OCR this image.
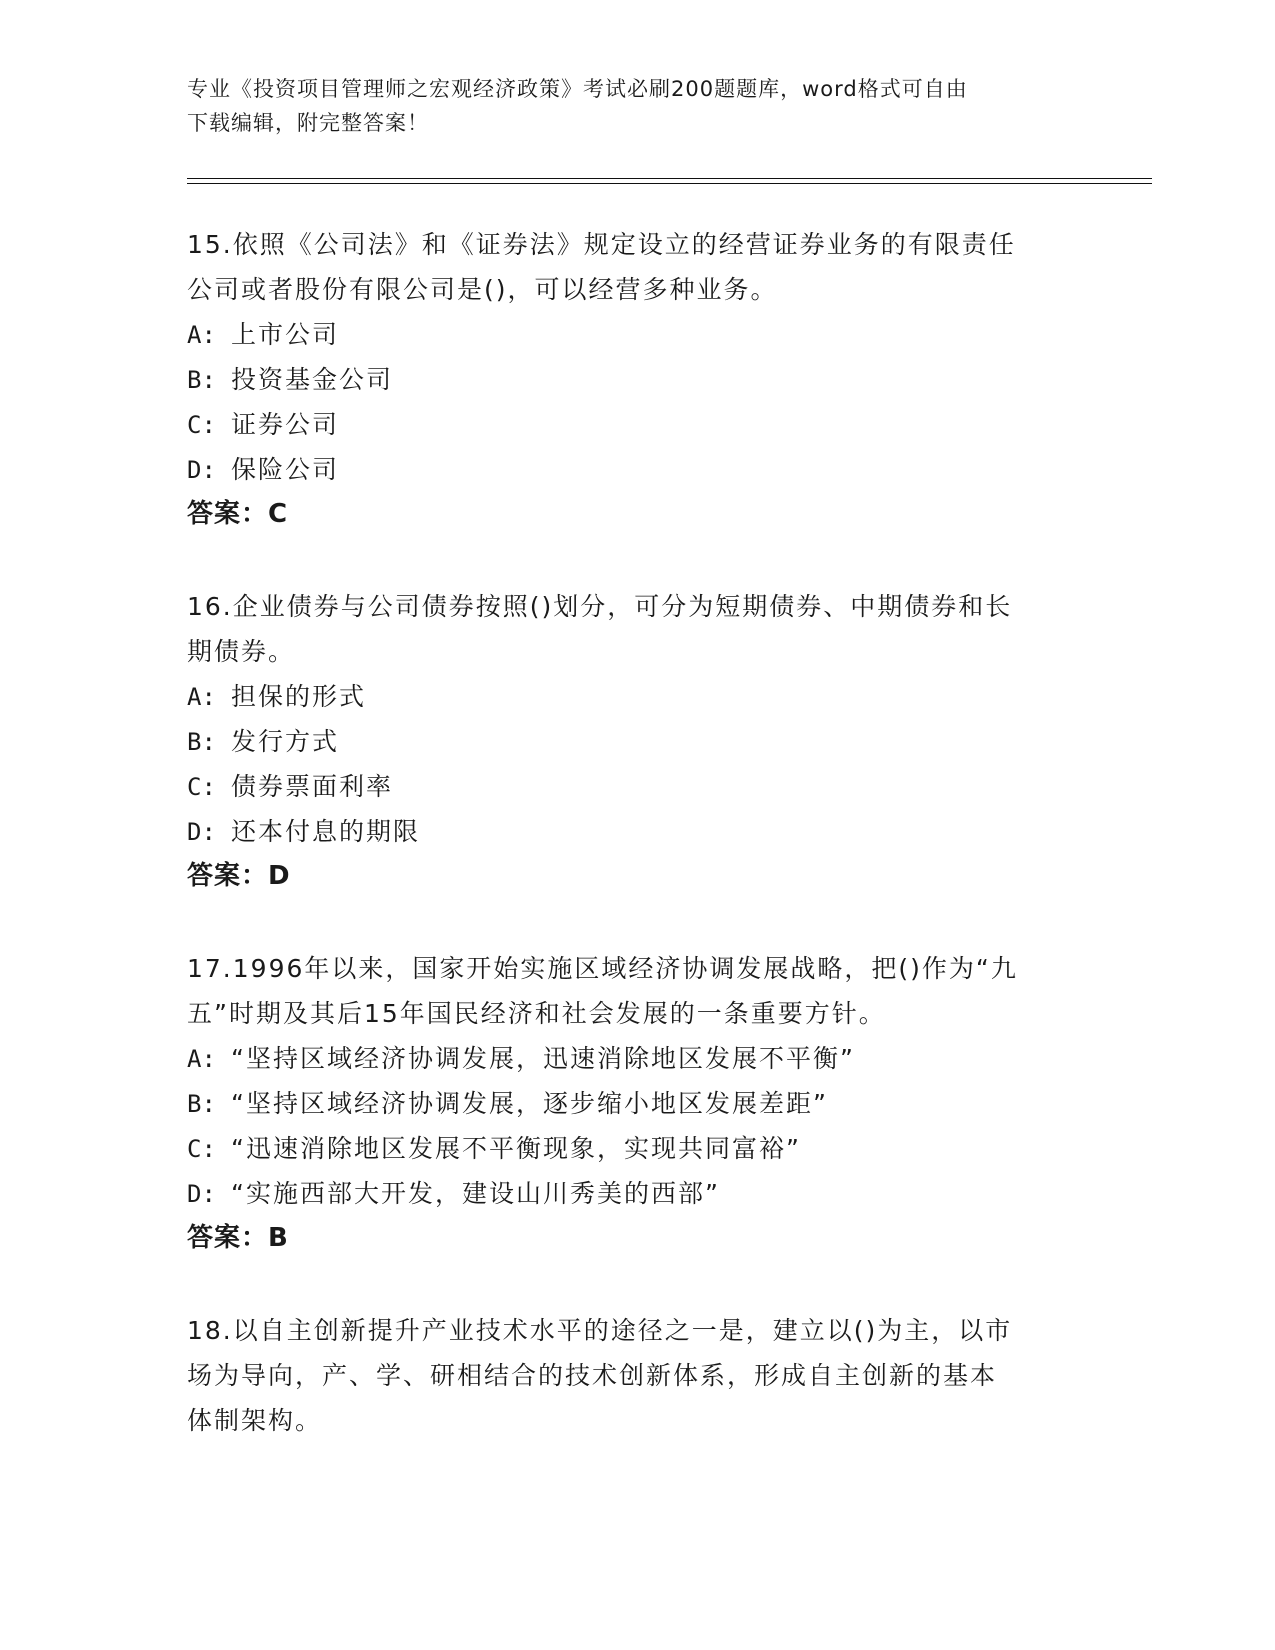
专业《投资项目管理师之宏观经济政策》考试必刷200题题库，word格式可自由
下载编辑，附完整答案！
15.依照《公司法》和《证券法》规定设立的经营证券业务的有限责任
公司或者股份有限公司是()，可以经营多种业务。
A: 上市公司
B: 投资基金公司
C: 证券公司
D: 保险公司
答案：C
16.企业债券与公司债券按照()划分，可分为短期债券、中期债券和长
期债券。
A: 担保的形式
B: 发行方式
C: 债券票面利率
D: 还本付息的期限
答案：D
17.1996年以来，国家开始实施区域经济协调发展战略，把()作为“九
五”时期及其后15年国民经济和社会发展的一条重要方针。
A: “坚持区域经济协调发展，迅速消除地区发展不平衡”
B: “坚持区域经济协调发展，逐步缩小地区发展差距”
C: “迅速消除地区发展不平衡现象，实现共同富裕”
D: “实施西部大开发，建设山川秀美的西部”
答案：B
18.以自主创新提升产业技术水平的途径之一是，建立以()为主，以市
场为导向，产、学、研相结合的技术创新体系，形成自主创新的基本
体制架构。
